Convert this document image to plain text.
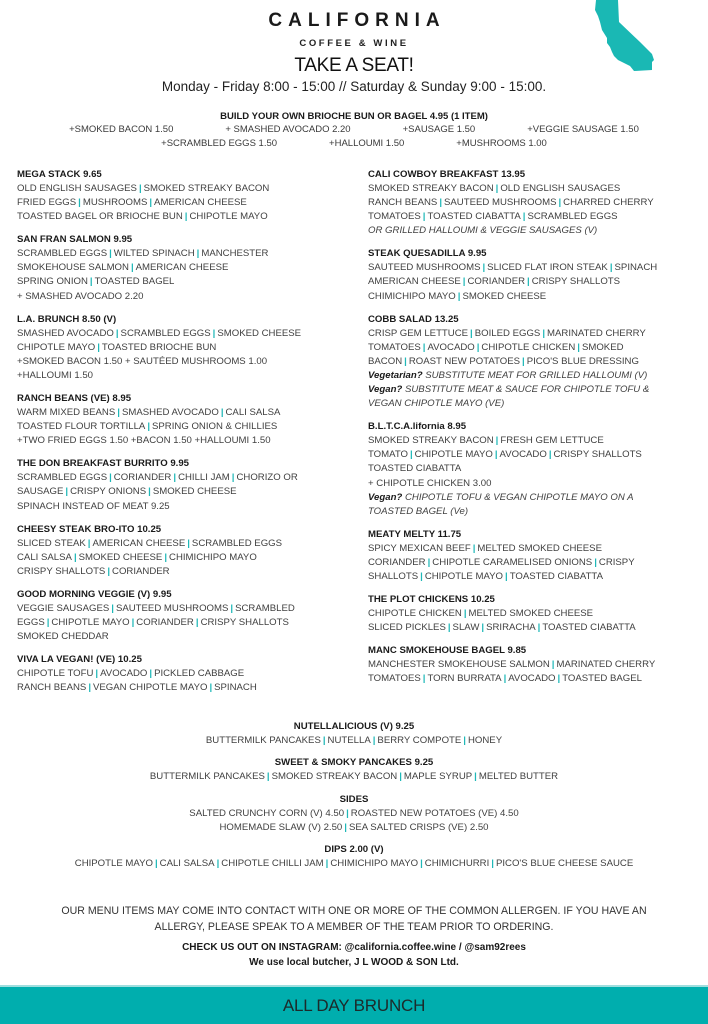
CALIFORNIA
COFFEE & WINE
TAKE A SEAT!
Monday - Friday 8:00 - 15:00 // Saturday & Sunday 9:00 - 15:00.
BUILD YOUR OWN BRIOCHE BUN OR BAGEL 4.95 (1 ITEM)
+SMOKED BACON 1.50	+ SMASHED AVOCADO 2.20	+SAUSAGE 1.50	+VEGGIE SAUSAGE 1.50
+SCRAMBLED EGGS 1.50	+HALLOUMI 1.50	+MUSHROOMS 1.00
MEGA STACK 9.65
OLD ENGLISH SAUSAGES | SMOKED STREAKY BACON
FRIED EGGS | MUSHROOMS | AMERICAN CHEESE
TOASTED BAGEL OR BRIOCHE BUN | CHIPOTLE MAYO
SAN FRAN SALMON 9.95
SCRAMBLED EGGS | WILTED SPINACH | MANCHESTER
SMOKEHOUSE SALMON | AMERICAN CHEESE
SPRING ONION | TOASTED BAGEL
+ SMASHED AVOCADO 2.20
L.A. BRUNCH 8.50 (V)
SMASHED AVOCADO | SCRAMBLED EGGS | SMOKED CHEESE
CHIPOTLE MAYO | TOASTED BRIOCHE BUN
+SMOKED BACON 1.50 + SAUTÉED MUSHROOMS 1.00
+HALLOUMI 1.50
RANCH BEANS (VE) 8.95
WARM MIXED BEANS | SMASHED AVOCADO | CALI SALSA
TOASTED FLOUR TORTILLA | SPRING ONION & CHILLIES
+TWO FRIED EGGS 1.50 +BACON 1.50 +HALLOUMI 1.50
THE DON BREAKFAST BURRITO 9.95
SCRAMBLED EGGS | CORIANDER | CHILLI JAM | CHORIZO OR
SAUSAGE | CRISPY ONIONS | SMOKED CHEESE
SPINACH INSTEAD OF MEAT 9.25
CHEESY STEAK BRO-ITO 10.25
SLICED STEAK | AMERICAN CHEESE | SCRAMBLED EGGS
CALI SALSA | SMOKED CHEESE | CHIMICHIPO MAYO
CRISPY SHALLOTS | CORIANDER
GOOD MORNING VEGGIE (V) 9.95
VEGGIE SAUSAGES | SAUTEED MUSHROOMS | SCRAMBLED
EGGS | CHIPOTLE MAYO | CORIANDER | CRISPY SHALLOTS
SMOKED CHEDDAR
VIVA LA VEGAN! (VE) 10.25
CHIPOTLE TOFU | AVOCADO | PICKLED CABBAGE
RANCH BEANS | VEGAN CHIPOTLE MAYO | SPINACH
CALI COWBOY BREAKFAST 13.95
SMOKED STREAKY BACON | OLD ENGLISH SAUSAGES
RANCH BEANS | SAUTEED MUSHROOMS | CHARRED CHERRY
TOMATOES | TOASTED CIABATTA | SCRAMBLED EGGS
OR GRILLED HALLOUMI & VEGGIE SAUSAGES (V)
STEAK QUESADILLA 9.95
SAUTEED MUSHROOMS | SLICED FLAT IRON STEAK | SPINACH
AMERICAN CHEESE | CORIANDER | CRISPY SHALLOTS
CHIMICHIPO MAYO | SMOKED CHEESE
COBB SALAD 13.25
CRISP GEM LETTUCE | BOILED EGGS | MARINATED CHERRY
TOMATOES | AVOCADO | CHIPOTLE CHICKEN | SMOKED
BACON | ROAST NEW POTATOES | PICO'S BLUE DRESSING
Vegetarian? SUBSTITUTE MEAT FOR GRILLED HALLOUMI (V)
Vegan? SUBSTITUTE MEAT & SAUCE FOR CHIPOTLE TOFU &
VEGAN CHIPOTLE MAYO (VE)
B.L.T.C.A.lifornia 8.95
SMOKED STREAKY BACON | FRESH GEM LETTUCE
TOMATO | CHIPOTLE MAYO | AVOCADO | CRISPY SHALLOTS
TOASTED CIABATTA
+ CHIPOTLE CHICKEN 3.00
Vegan? CHIPOTLE TOFU & VEGAN CHIPOTLE MAYO ON A
TOASTED BAGEL (Ve)
MEATY MELTY 11.75
SPICY MEXICAN BEEF | MELTED SMOKED CHEESE
CORIANDER | CHIPOTLE CARAMELISED ONIONS | CRISPY
SHALLOTS | CHIPOTLE MAYO | TOASTED CIABATTA
THE PLOT CHICKENS 10.25
CHIPOTLE CHICKEN | MELTED SMOKED CHEESE
SLICED PICKLES | SLAW | SRIRACHA | TOASTED CIABATTA
MANC SMOKEHOUSE BAGEL 9.85
MANCHESTER SMOKEHOUSE SALMON | MARINATED CHERRY
TOMATOES | TORN BURRATA | AVOCADO | TOASTED BAGEL
NUTELLALICIOUS (V) 9.25
BUTTERMILK PANCAKES | NUTELLA | BERRY COMPOTE | HONEY
SWEET & SMOKY PANCAKES 9.25
BUTTERMILK PANCAKES | SMOKED STREAKY BACON | MAPLE SYRUP | MELTED BUTTER
SIDES
SALTED CRUNCHY CORN (V) 4.50 | ROASTED NEW POTATOES (VE) 4.50
HOMEMADE SLAW (V) 2.50 | SEA SALTED CRISPS (VE) 2.50
DIPS 2.00 (V)
CHIPOTLE MAYO | CALI SALSA | CHIPOTLE CHILLI JAM | CHIMICHIPO MAYO | CHIMICHURRI | PICO'S BLUE CHEESE SAUCE
OUR MENU ITEMS MAY COME INTO CONTACT WITH ONE OR MORE OF THE COMMON ALLERGEN. IF YOU HAVE AN
ALLERGY, PLEASE SPEAK TO A MEMBER OF THE TEAM PRIOR TO ORDERING.
CHECK US OUT ON INSTAGRAM: @california.coffee.wine / @sam92rees
We use local butcher, J L WOOD & SON Ltd.
ALL DAY BRUNCH
